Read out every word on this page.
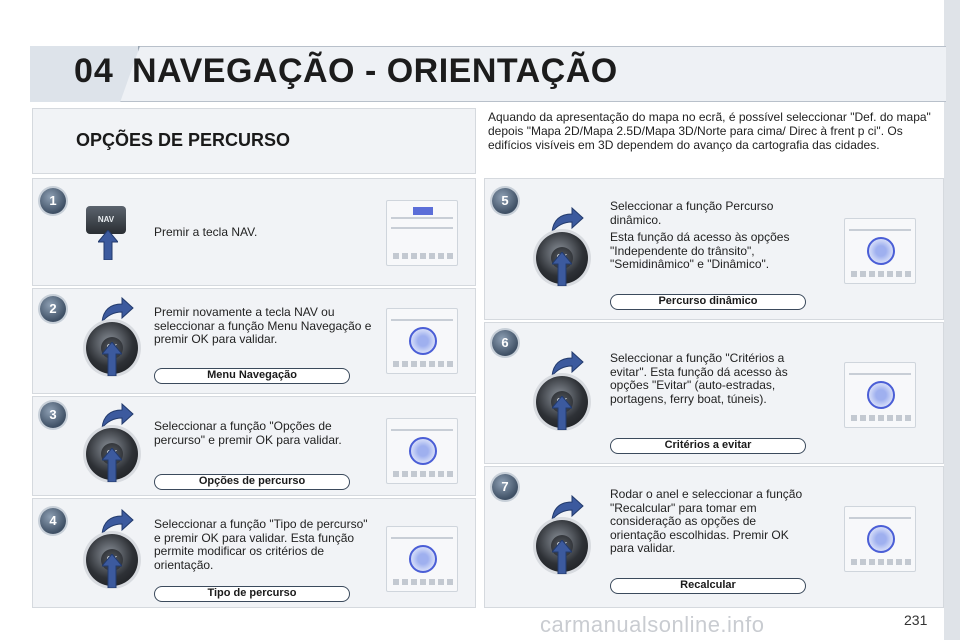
04 NAVEGAÇÃO - ORIENTAÇÃO
OPÇÕES DE PERCURSO
Aquando da apresentação do mapa no ecrã, é possível seleccionar "Def. do mapa" depois "Mapa 2D/Mapa 2.5D/Mapa 3D/Norte para cima/ Direc à frent p ci". Os edifícios visíveis em 3D dependem do avanço da cartografia das cidades.
1
NAV

Premir a tecla NAV.

2	Premir novamente a tecla NAV ou seleccionar a função Menu Navegação e premir OK para validar.

Menu Navegação
3

Seleccionar a função "Opções de percurso" e premir OK para validar.

Opções de percurso
4	Seleccionar a função "Tipo de percurso" e premir OK para validar. Esta função permite modificar os critérios de orientação.

Tipo de percurso
5	Seleccionar a função Percurso dinâmico.

Esta função dá acesso às opções "Independente do trânsito", "Semidinâmico" e "Dinâmico".

Percurso dinâmico
6

Seleccionar a função "Critérios a evitar". Esta função dá acesso às opções "Evitar" (auto-estradas, portagens, ferry boat, túneis).

Critérios a evitar
7	Rodar o anel e seleccionar a função "Recalcular" para tomar em consideração as opções de orientação escolhidas. Premir OK para validar.

Recalcular
carmanualsonline.info	231
